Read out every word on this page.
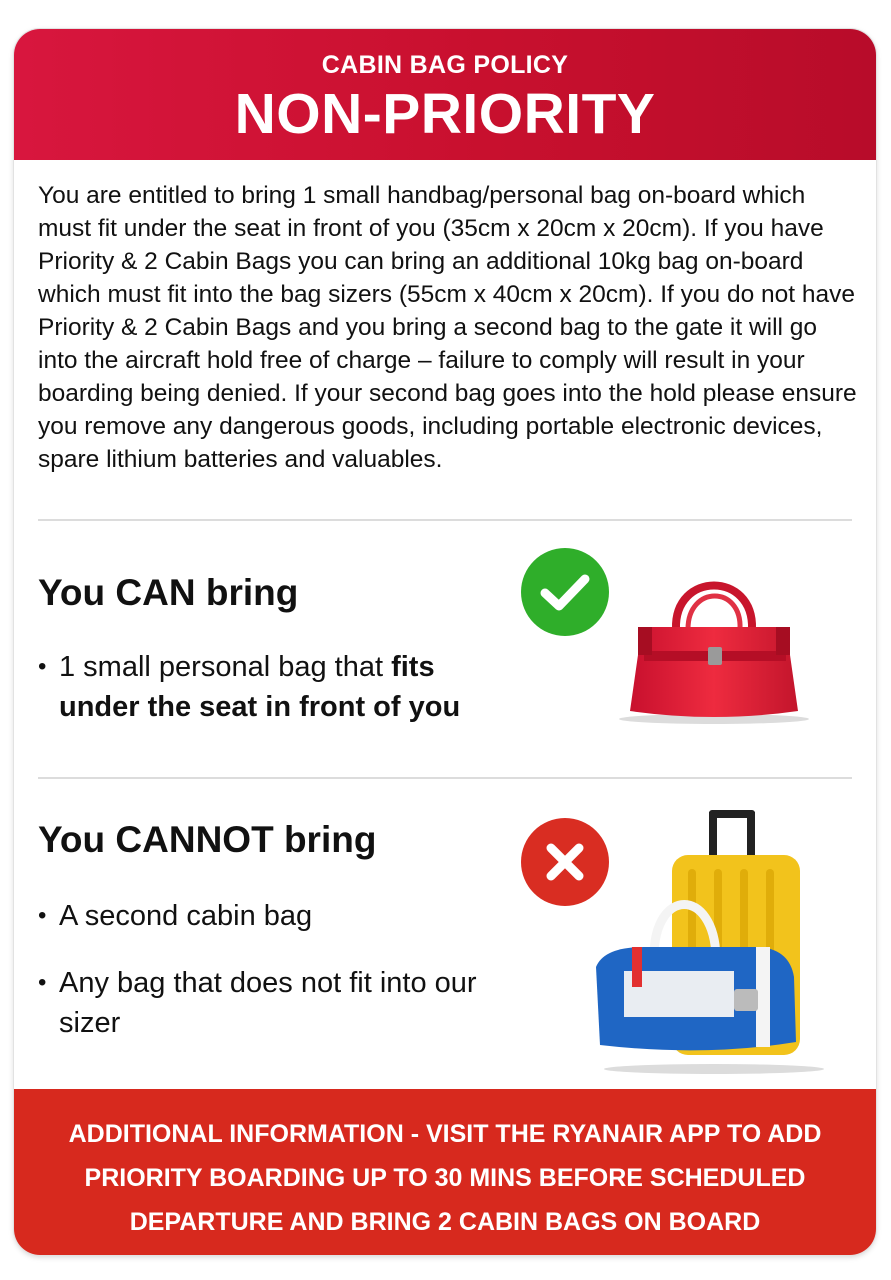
CABIN BAG POLICY
NON-PRIORITY
You are entitled to bring 1 small handbag/personal bag on-board which must fit under the seat in front of you (35cm x 20cm x 20cm). If you have Priority & 2 Cabin Bags you can bring an additional 10kg bag on-board which must fit into the bag sizers (55cm x 40cm x 20cm). If you do not have Priority & 2 Cabin Bags and you bring a second bag to the gate it will go into the aircraft hold free of charge – failure to comply will result in your boarding being denied. If your second bag goes into the hold please ensure you remove any dangerous goods, including portable electronic devices, spare lithium batteries and valuables.
You CAN bring
• 1 small personal bag that fits under the seat in front of you
You CANNOT bring
• A second cabin bag
• Any bag that does not fit into our sizer
ADDITIONAL INFORMATION - VISIT THE RYANAIR APP TO ADD PRIORITY BOARDING UP TO 30 MINS BEFORE SCHEDULED DEPARTURE AND BRING 2 CABIN BAGS ON BOARD
